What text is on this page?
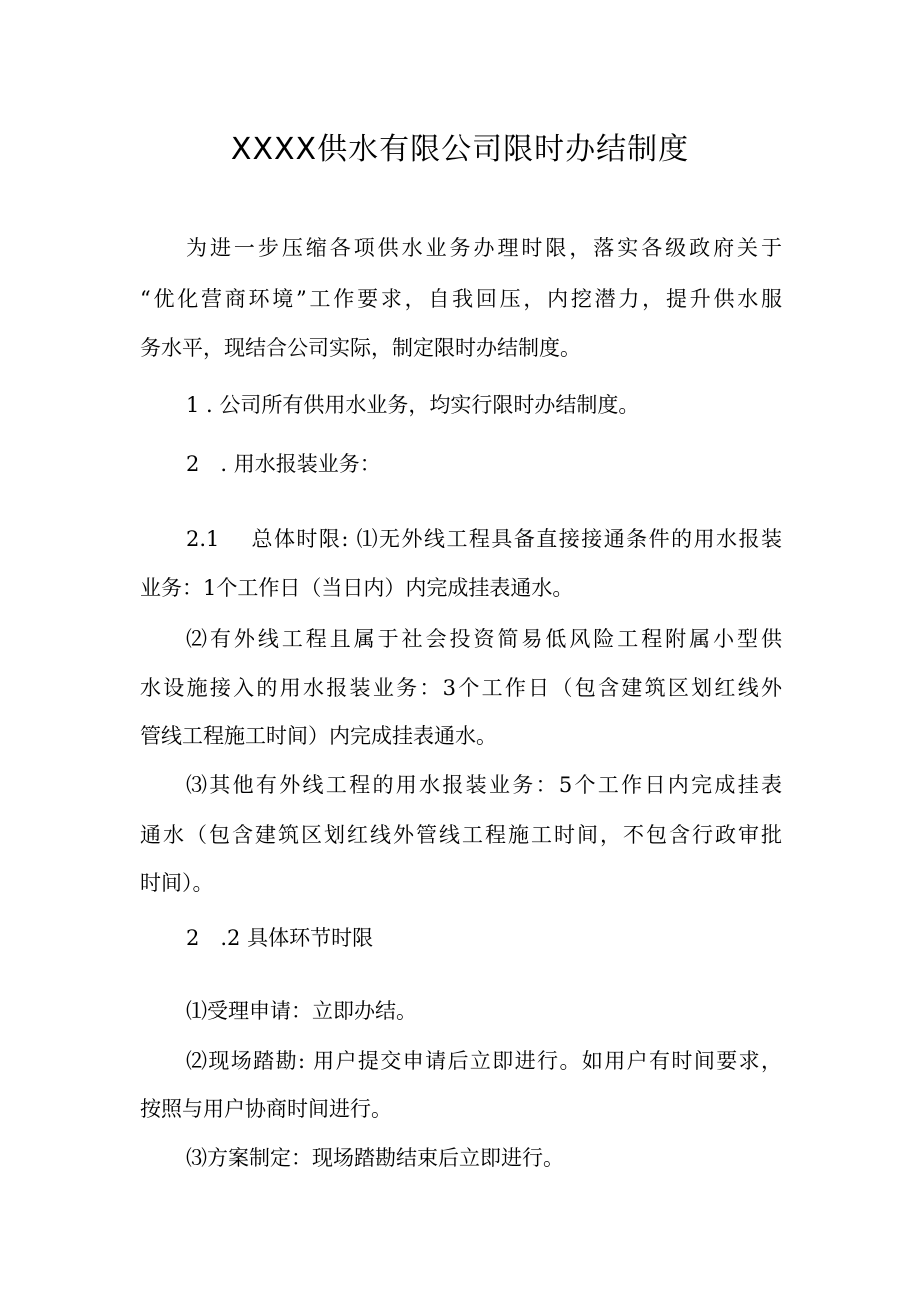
XXXX供水有限公司限时办结制度
为进一步压缩各项供水业务办理时限，落实各级政府关于
“优化营商环境”工作要求，自我回压，内挖潜力，提升供水服
务水平，现结合公司实际，制定限时办结制度。
1 . 公司所有供用水业务，均实行限时办结制度。
2　. 用水报装业务：
2.1　 总体时限: ⑴无外线工程具备直接接通条件的用水报装
业务：1个工作日（当日内）内完成挂表通水。
⑵有外线工程且属于社会投资简易低风险工程附属小型供
水设施接入的用水报装业务：3个工作日（包含建筑区划红线外
管线工程施工时间）内完成挂表通水。
⑶其他有外线工程的用水报装业务：5个工作日内完成挂表
通水（包含建筑区划红线外管线工程施工时间，不包含行政审批
时间）。
2　.2 具体环节时限
⑴受理申请：立即办结。
⑵现场踏勘: 用户提交申请后立即进行。如用户有时间要求，
按照与用户协商时间进行。
⑶方案制定：现场踏勘结束后立即进行。
